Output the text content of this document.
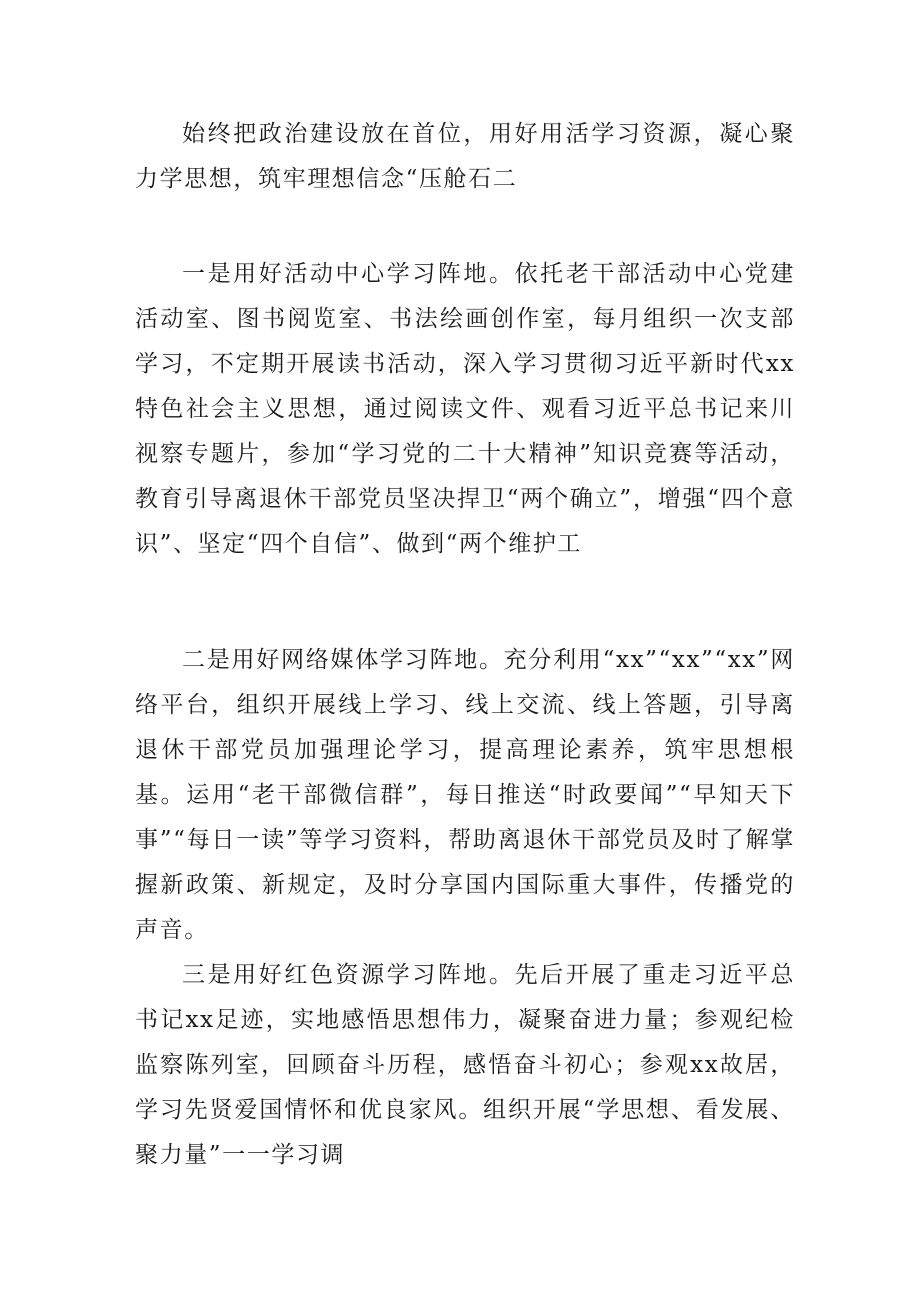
始终把政治建设放在首位，用好用活学习资源，凝心聚力学思想，筑牢理想信念“压舱石二

一是用好活动中心学习阵地。依托老干部活动中心党建活动室、图书阅览室、书法绘画创作室，每月组织一次支部学习，不定期开展读书活动，深入学习贯彻习近平新时代xx特色社会主义思想，通过阅读文件、观看习近平总书记来川视察专题片，参加“学习党的二十大精神”知识竞赛等活动，教育引导离退休干部党员坚决捍卫“两个确立”，增强“四个意识”、坚定“四个自信”、做到“两个维护工

二是用好网络媒体学习阵地。充分利用“xx”“xx”“xx”网络平台，组织开展线上学习、线上交流、线上答题，引导离退休干部党员加强理论学习，提高理论素养，筑牢思想根基。运用“老干部微信群”，每日推送“时政要闻”“早知天下事”“每日一读”等学习资料，帮助离退休干部党员及时了解掌握新政策、新规定，及时分享国内国际重大事件，传播党的声音。

三是用好红色资源学习阵地。先后开展了重走习近平总书记xx足迹，实地感悟思想伟力，凝聚奋进力量；参观纪检监察陈列室，回顾奋斗历程，感悟奋斗初心；参观xx故居，学习先贤爱国情怀和优良家风。组织开展“学思想、看发展、聚力量”一一学习调
